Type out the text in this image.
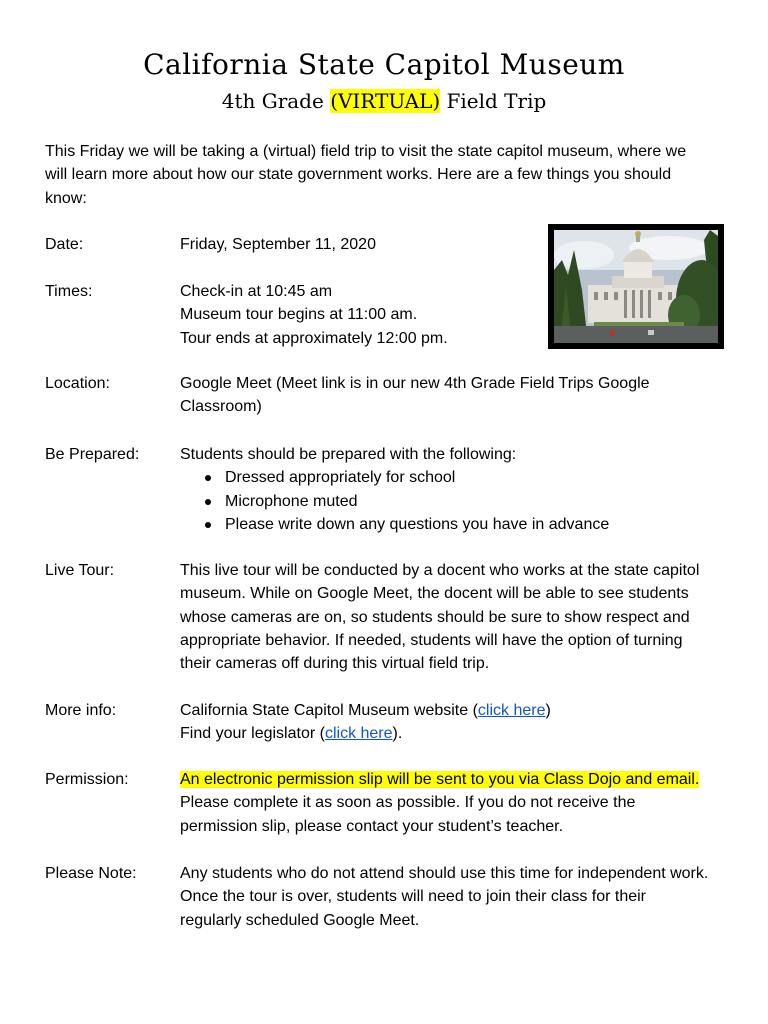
California State Capitol Museum
4th Grade (VIRTUAL) Field Trip
This Friday we will be taking a (virtual) field trip to visit the state capitol museum, where we
will learn more about how our state government works. Here are a few things you should
know:
Date:	Friday, September 11, 2020
Times:	Check-in at 10:45 am
Museum tour begins at 11:00 am.
Tour ends at approximately 12:00 pm.
Location:	Google Meet (Meet link is in our new 4th Grade Field Trips Google
Classroom)
Be Prepared:	Students should be prepared with the following:
Dressed appropriately for school
Microphone muted
Please write down any questions you have in advance
Live Tour:	This live tour will be conducted by a docent who works at the state capitol
museum. While on Google Meet, the docent will be able to see students
whose cameras are on, so students should be sure to show respect and
appropriate behavior. If needed, students will have the option of turning
their cameras off during this virtual field trip.
More info:	California State Capitol Museum website (click here)
Find your legislator (click here).
Permission:	An electronic permission slip will be sent to you via Class Dojo and email.
Please complete it as soon as possible. If you do not receive the
permission slip, please contact your student’s teacher.
Please Note:	Any students who do not attend should use this time for independent work.
Once the tour is over, students will need to join their class for their
regularly scheduled Google Meet.
